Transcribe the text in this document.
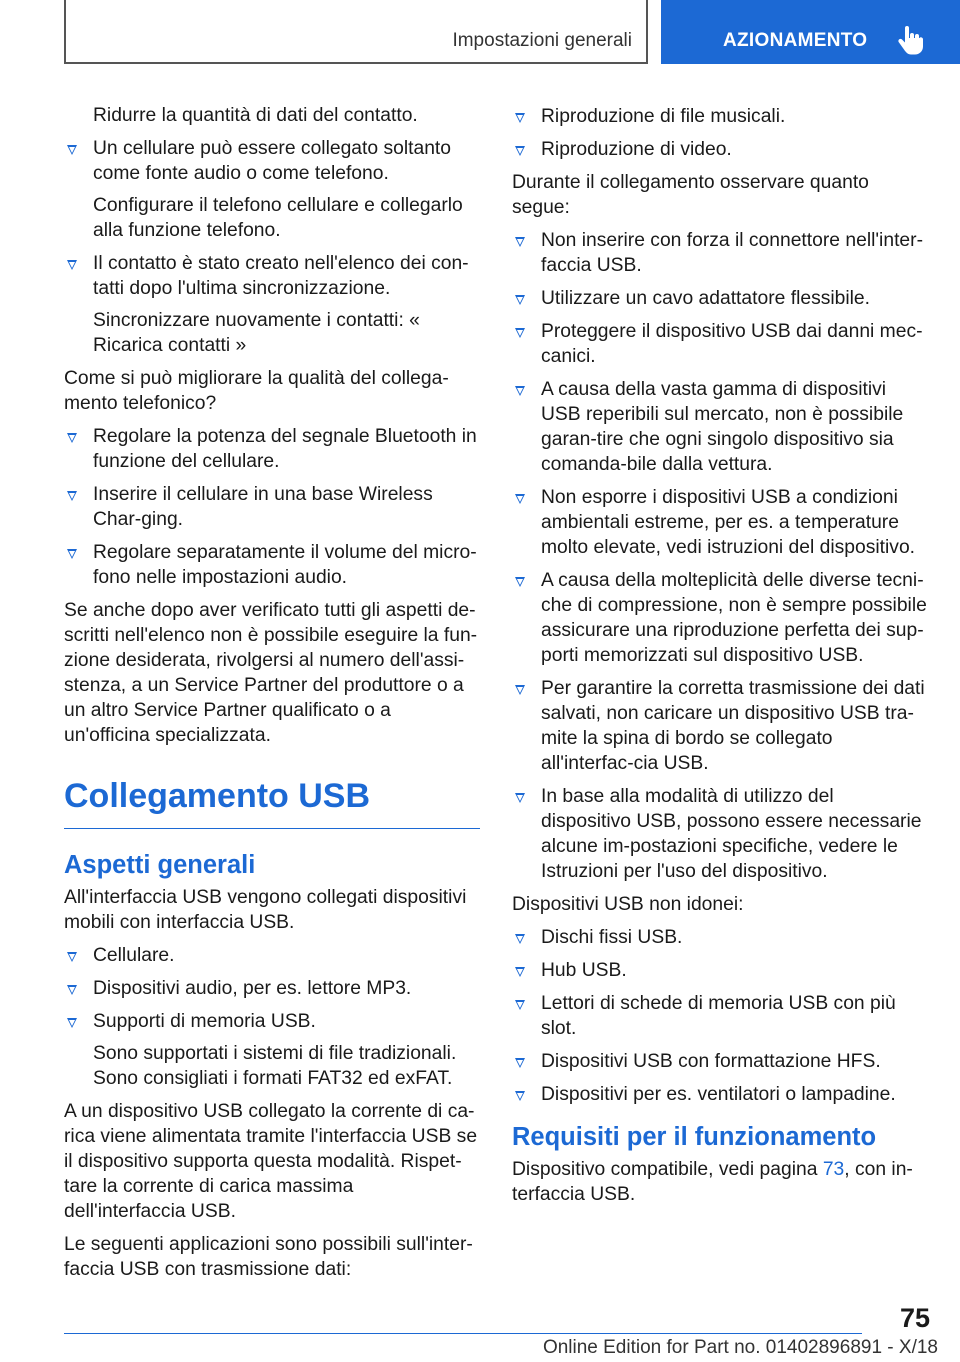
Impostazioni generali	AZIONAMENTO

Ridurre la quantità di dati del contatto.

Un cellulare può essere collegato soltanto come fonte audio o come telefono.

Configurare il telefono cellulare e collegarlo alla funzione telefono.

Il contatto è stato creato nell'elenco dei con‐tatti dopo l'ultima sincronizzazione.

Sincronizzare nuovamente i contatti: « Ricarica contatti »

Come si può migliorare la qualità del collega‐mento telefonico?

Regolare la potenza del segnale Bluetooth in funzione del cellulare.
Inserire il cellulare in una base Wireless Char‐ging.
Regolare separatamente il volume del micro‐fono nelle impostazioni audio.

Se anche dopo aver verificato tutti gli aspetti de‐scritti nell'elenco non è possibile eseguire la fun‐zione desiderata, rivolgersi al numero dell'assi‐stenza, a un Service Partner del produttore o a un altro Service Partner qualificato o a un'officina specializzata.

Collegamento USB
Aspetti generali

All'interfaccia USB vengono collegati dispositivi mobili con interfaccia USB.

Cellulare.
Dispositivi audio, per es. lettore MP3.
Supporti di memoria USB.

Sono supportati i sistemi di file tradizionali. Sono consigliati i formati FAT32 ed exFAT.

A un dispositivo USB collegato la corrente di ca‐rica viene alimentata tramite l'interfaccia USB se il dispositivo supporta questa modalità. Rispet‐tare la corrente di carica massima dell'interfaccia USB.

Le seguenti applicazioni sono possibili sull'inter‐faccia USB con trasmissione dati:

Riproduzione di file musicali.
Riproduzione di video.

Durante il collegamento osservare quanto segue:

Non inserire con forza il connettore nell'inter‐faccia USB.
Utilizzare un cavo adattatore flessibile.
Proteggere il dispositivo USB dai danni mec‐canici.
A causa della vasta gamma di dispositivi USB reperibili sul mercato, non è possibile garan‐tire che ogni singolo dispositivo sia comanda‐bile dalla vettura.
Non esporre i dispositivi USB a condizioni ambientali estreme, per es. a temperature molto elevate, vedi istruzioni del dispositivo.
A causa della molteplicità delle diverse tecni‐che di compressione, non è sempre possibile assicurare una riproduzione perfetta dei sup‐porti memorizzati sul dispositivo USB.
Per garantire la corretta trasmissione dei dati salvati, non caricare un dispositivo USB tra‐mite la spina di bordo se collegato all'interfac‐cia USB.
In base alla modalità di utilizzo del dispositivo USB, possono essere necessarie alcune im‐postazioni specifiche, vedere le Istruzioni per l'uso del dispositivo.

Dispositivi USB non idonei:

Dischi fissi USB.
Hub USB.
Lettori di schede di memoria USB con più slot.
Dispositivi USB con formattazione HFS.
Dispositivi per es. ventilatori o lampadine.
Requisiti per il funzionamento

Dispositivo compatibile, vedi pagina 73, con in‐terfaccia USB.

75
Online Edition for Part no. 01402896891 - X/18
